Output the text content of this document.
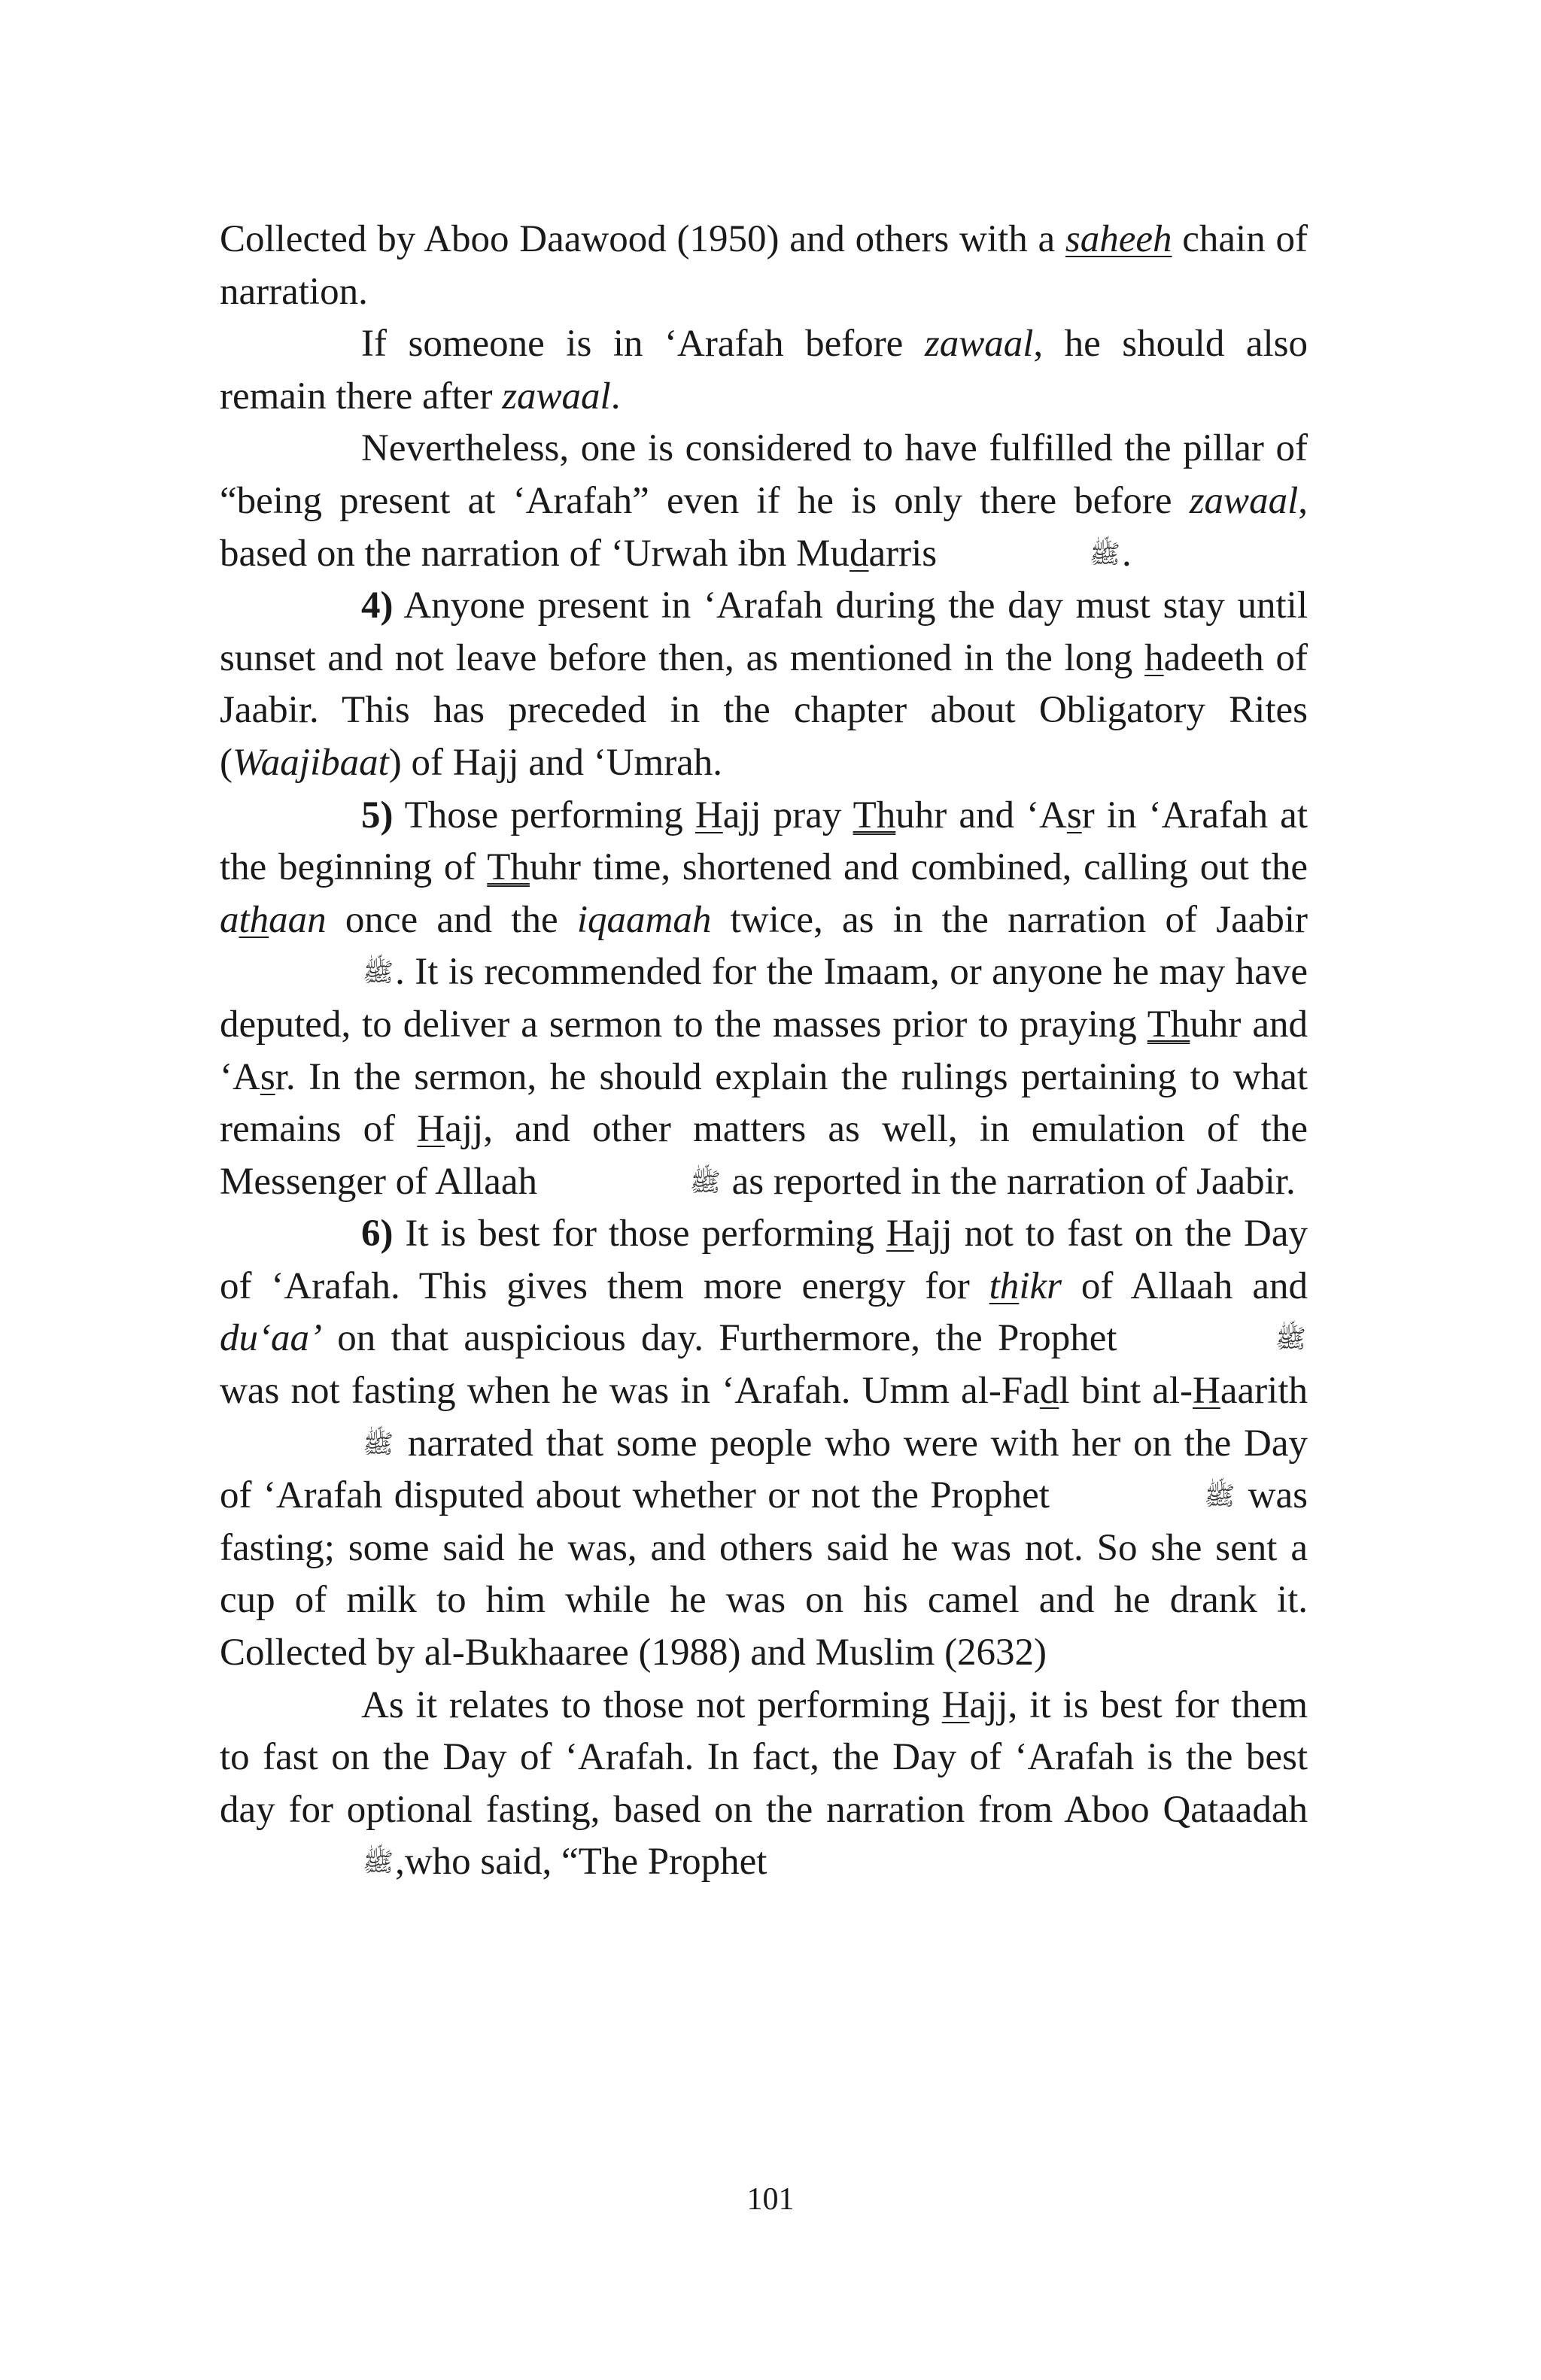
Collected by Aboo Daawood (1950) and others with a saheeh chain of narration.

If someone is in ‘Arafah before zawaal, he should also remain there after zawaal.

Nevertheless, one is considered to have fulfilled the pillar of “being present at ‘Arafah” even if he is only there before zawaal, based on the narration of ‘Urwah ibn Mudarris	ﷺ.

4) Anyone present in ‘Arafah during the day must stay until sunset and not leave before then, as mentioned in the long hadeeth of Jaabir. This has preceded in the chapter about Obligatory Rites (Waajibaat) of Hajj and ‘Umrah.

5) Those performing Hajj pray Thuhr and ‘Asr in ‘Arafah at the beginning of Thuhr time, shortened and combined, calling out the athaan once and the iqaamah twice, as in the narration of Jaabir ﷺ. It is recommended for the Imaam, or anyone he may have deputed, to deliver a sermon to the masses prior to praying Thuhr and ‘Asr. In the sermon, he should explain the rulings pertaining to what remains of Hajj, and other matters as well, in emulation of the Messenger of Allaah	ﷺ as reported in the narration of Jaabir.

6) It is best for those performing Hajj not to fast on the Day of ‘Arafah. This gives them more energy for thikr of Allaah and du‘aa’ on that auspicious day. Furthermore, the Prophet	ﷺ was not fasting when he was in ‘Arafah. Umm al-Fadl bint al-Haarith ﷺ narrated that some people who were with her on the Day of ‘Arafah disputed about whether or not the Prophet	ﷺ was fasting; some said he was, and others said he was not. So she sent a cup of milk to him while he was on his camel and he drank it. Collected by al-Bukhaaree (1988) and Muslim (2632)

As it relates to those not performing Hajj, it is best for them to fast on the Day of ‘Arafah. In fact, the Day of ‘Arafah is the best day for optional fasting, based on the narration from Aboo Qataadah ﷺ,who said, “The Prophet

101
